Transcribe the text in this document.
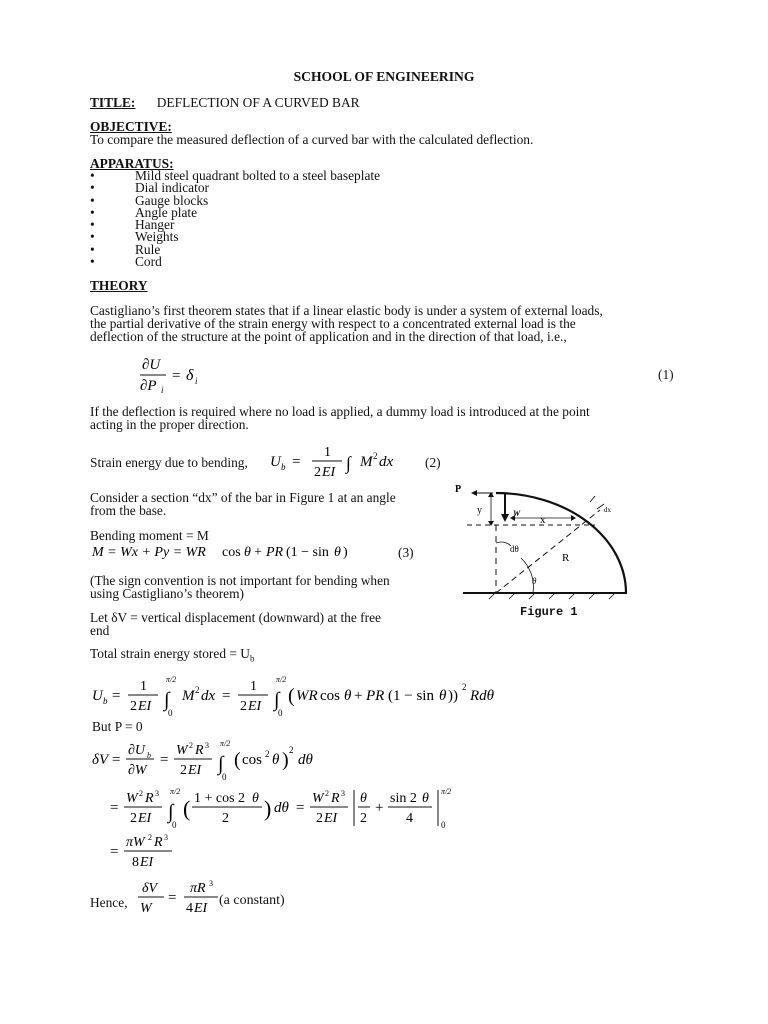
SCHOOL OF ENGINEERING
TITLE: DEFLECTION OF A CURVED BAR
OBJECTIVE:
To compare the measured deflection of a curved bar with the calculated deflection.
APPARATUS:
•	Mild steel quadrant bolted to a steel baseplate
•	Dial indicator
•	Gauge blocks
•	Angle plate
•	Hanger
•	Weights
•	Rule
•	Cord
THEORY
Castigliano’s first theorem states that if a linear elastic body is under a system of external loads,
the partial derivative of the strain energy with respect to a concentrated external load is the
deflection of the structure at the point of application and in the direction of that load, i.e.,
∂U
∂P i
= δ i	(1)
If the deflection is required where no load is applied, a dummy load is introduced at the point
acting in the proper direction.
Strain energy due to bending, U b =
1
2 EI ∫ M 2 dx (2)
Consider a section “dx” of the bar in Figure 1 at an angle
from the base.
Bending moment = M
M = Wx + Py = WR cos θ + PR (1 − sin θ )	(3)
(The sign convention is not important for bending when
using Castigliano’s theorem)
Let δV = vertical displacement (downward) at the free
end
Total strain energy stored = $U_b$
P
y	W
x
dx
dθ
R
θ
Figure 1
U b =
1
2 EI
π/2
∫
0
M 2 dx =
1
2 EI
π/2
∫
0
( WR cos θ + PR (1 − sin θ ))
2
Rdθ
But P = 0
δV =
∂U b
∂W
=
W 2 R 3
2 EI
π/2
∫
0
( cos 2 θ ) 2
dθ
=
W 2 R 3
2 EI
π/2
∫
0
( 1 + cos 2 θ
2 ) dθ =
W 2 R 3
2 EI
θ
2
+
sin 2 θ
4
π/2
0
=
πW 2 R 3
8 EI
Hence,
δV
W
=
πR 3
4 EI
(a constant)
